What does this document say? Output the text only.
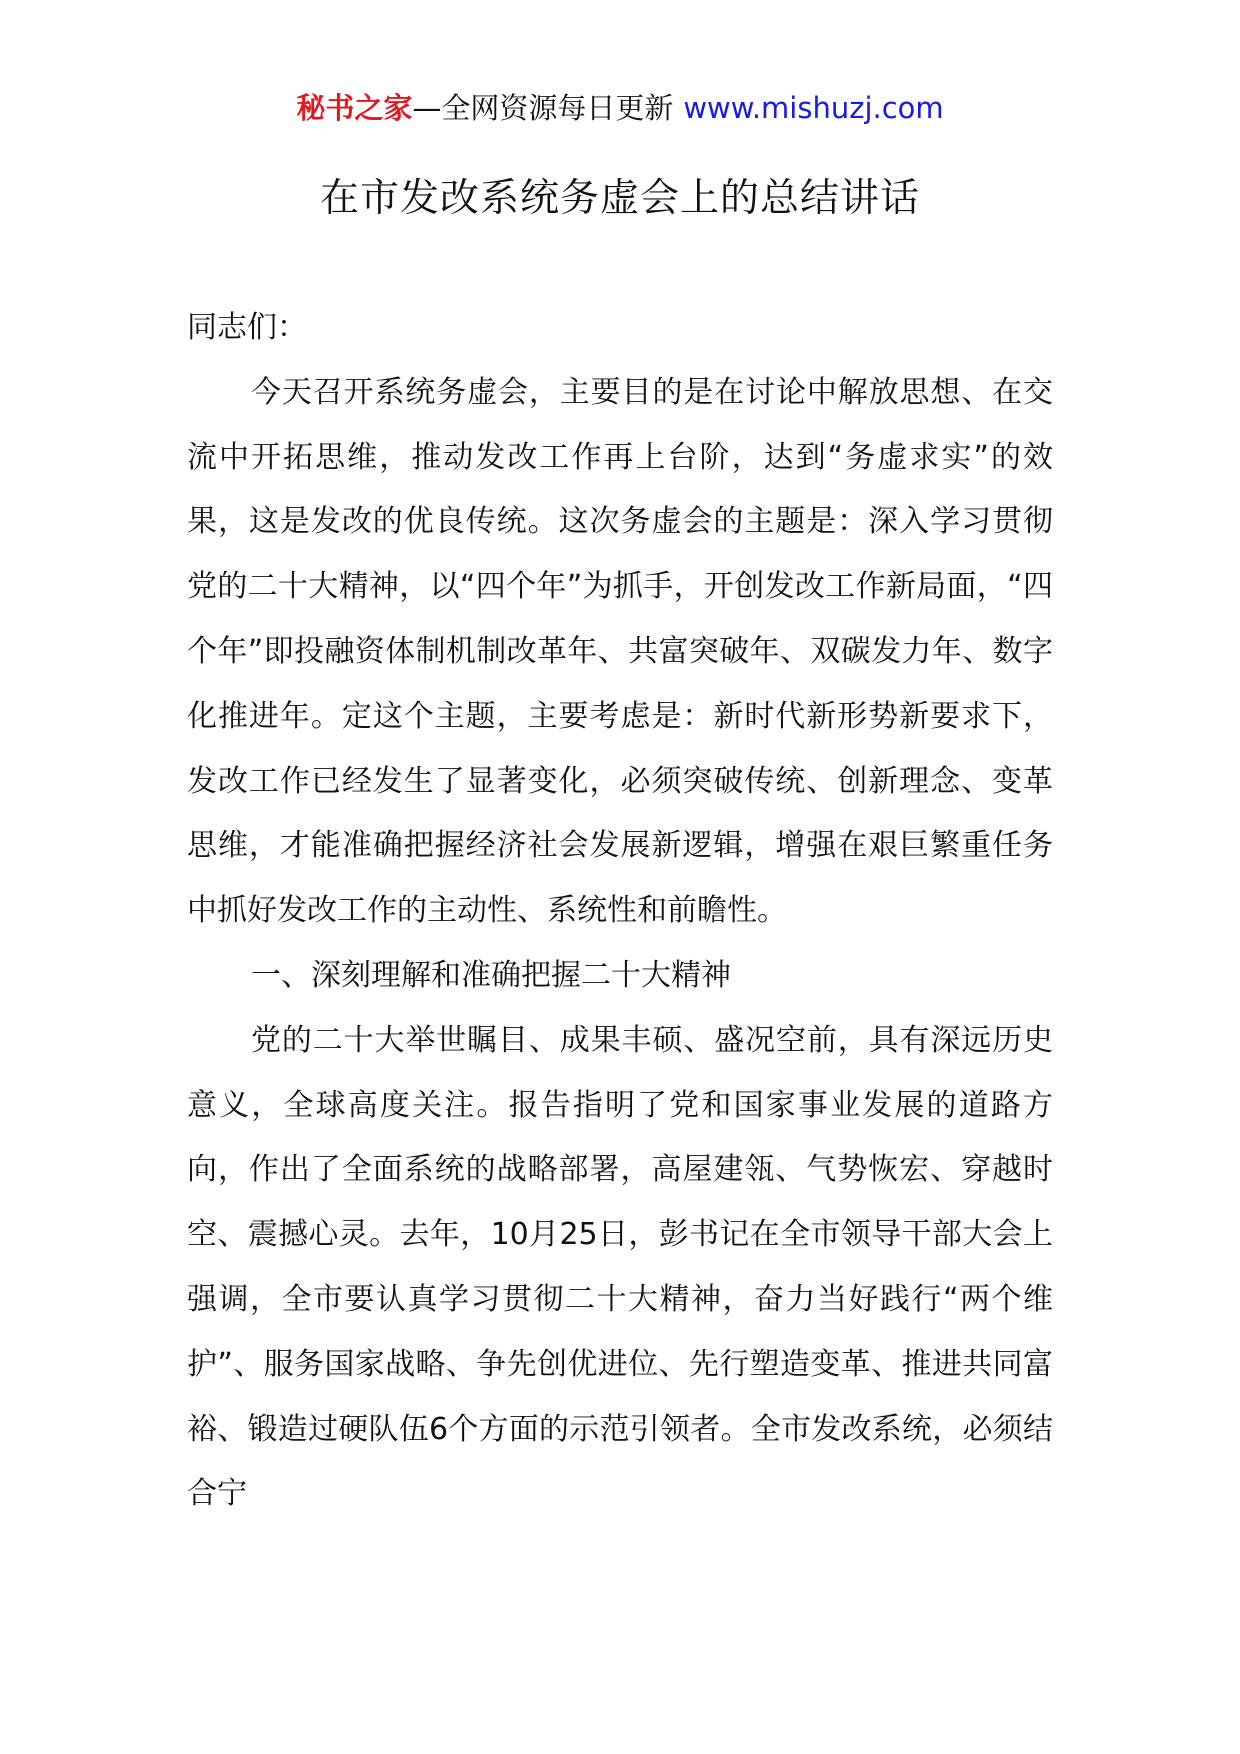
秘书之家—全网资源每日更新 www.mishuzj.com
在市发改系统务虚会上的总结讲话

同志们：

今天召开系统务虚会，主要目的是在讨论中解放思想、在交流中开拓思维，推动发改工作再上台阶，达到“务虚求实”的效果，这是发改的优良传统。这次务虚会的主题是：深入学习贯彻党的二十大精神，以“四个年”为抓手，开创发改工作新局面，“四个年”即投融资体制机制改革年、共富突破年、双碳发力年、数字化推进年。定这个主题，主要考虑是：新时代新形势新要求下，发改工作已经发生了显著变化，必须突破传统、创新理念、变革思维，才能准确把握经济社会发展新逻辑，增强在艰巨繁重任务中抓好发改工作的主动性、系统性和前瞻性。

一、深刻理解和准确把握二十大精神

党的二十大举世瞩目、成果丰硕、盛况空前，具有深远历史意义，全球高度关注。报告指明了党和国家事业发展的道路方向，作出了全面系统的战略部署，高屋建瓴、气势恢宏、穿越时空、震撼心灵。去年，10月25日，彭书记在全市领导干部大会上强调，全市要认真学习贯彻二十大精神，奋力当好践行“两个维护”、服务国家战略、争先创优进位、先行塑造变革、推进共同富裕、锻造过硬队伍6个方面的示范引领者。全市发改系统，必须结合宁
